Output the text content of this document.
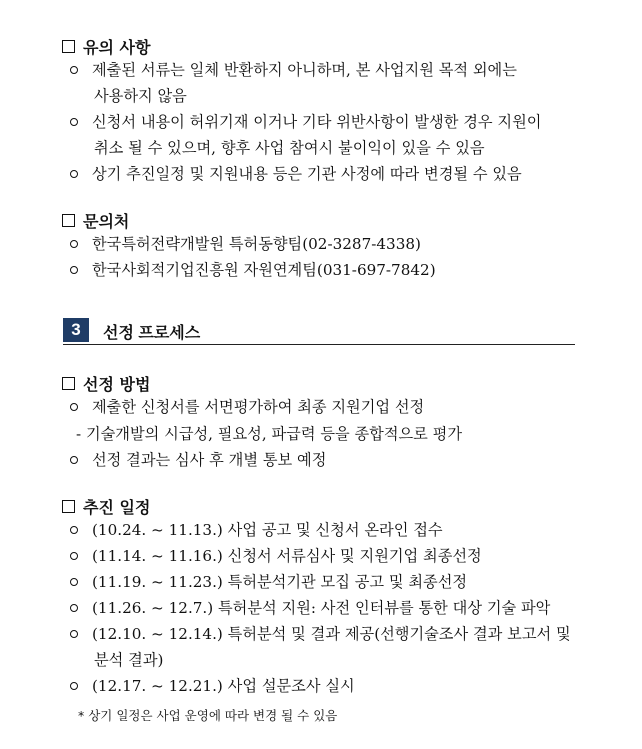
유의 사항
제출된 서류는 일체 반환하지 아니하며, 본 사업지원 목적 외에는
사용하지 않음
신청서 내용이 허위기재 이거나 기타 위반사항이 발생한 경우 지원이
취소 될 수 있으며, 향후 사업 참여시 불이익이 있을 수 있음
상기 추진일정 및 지원내용 등은 기관 사정에 따라 변경될 수 있음
문의처
한국특허전략개발원 특허동향팀(02-3287-4338)
한국사회적기업진흥원 자원연계팀(031-697-7842)
3	선정 프로세스
선정 방법
제출한 신청서를 서면평가하여 최종 지원기업 선정
- 기술개발의 시급성, 필요성, 파급력 등을 종합적으로 평가
선정 결과는 심사 후 개별 통보 예정
추진 일정
(10.24. ~ 11.13.) 사업 공고 및 신청서 온라인 접수
(11.14. ~ 11.16.) 신청서 서류심사 및 지원기업 최종선정
(11.19. ~ 11.23.) 특허분석기관 모집 공고 및 최종선정
(11.26. ~ 12.7.) 특허분석 지원: 사전 인터뷰를 통한 대상 기술 파악
(12.10. ~ 12.14.) 특허분석 및 결과 제공(선행기술조사 결과 보고서 및
분석 결과)
(12.17. ~ 12.21.) 사업 설문조사 실시
* 상기 일정은 사업 운영에 따라 변경 될 수 있음
